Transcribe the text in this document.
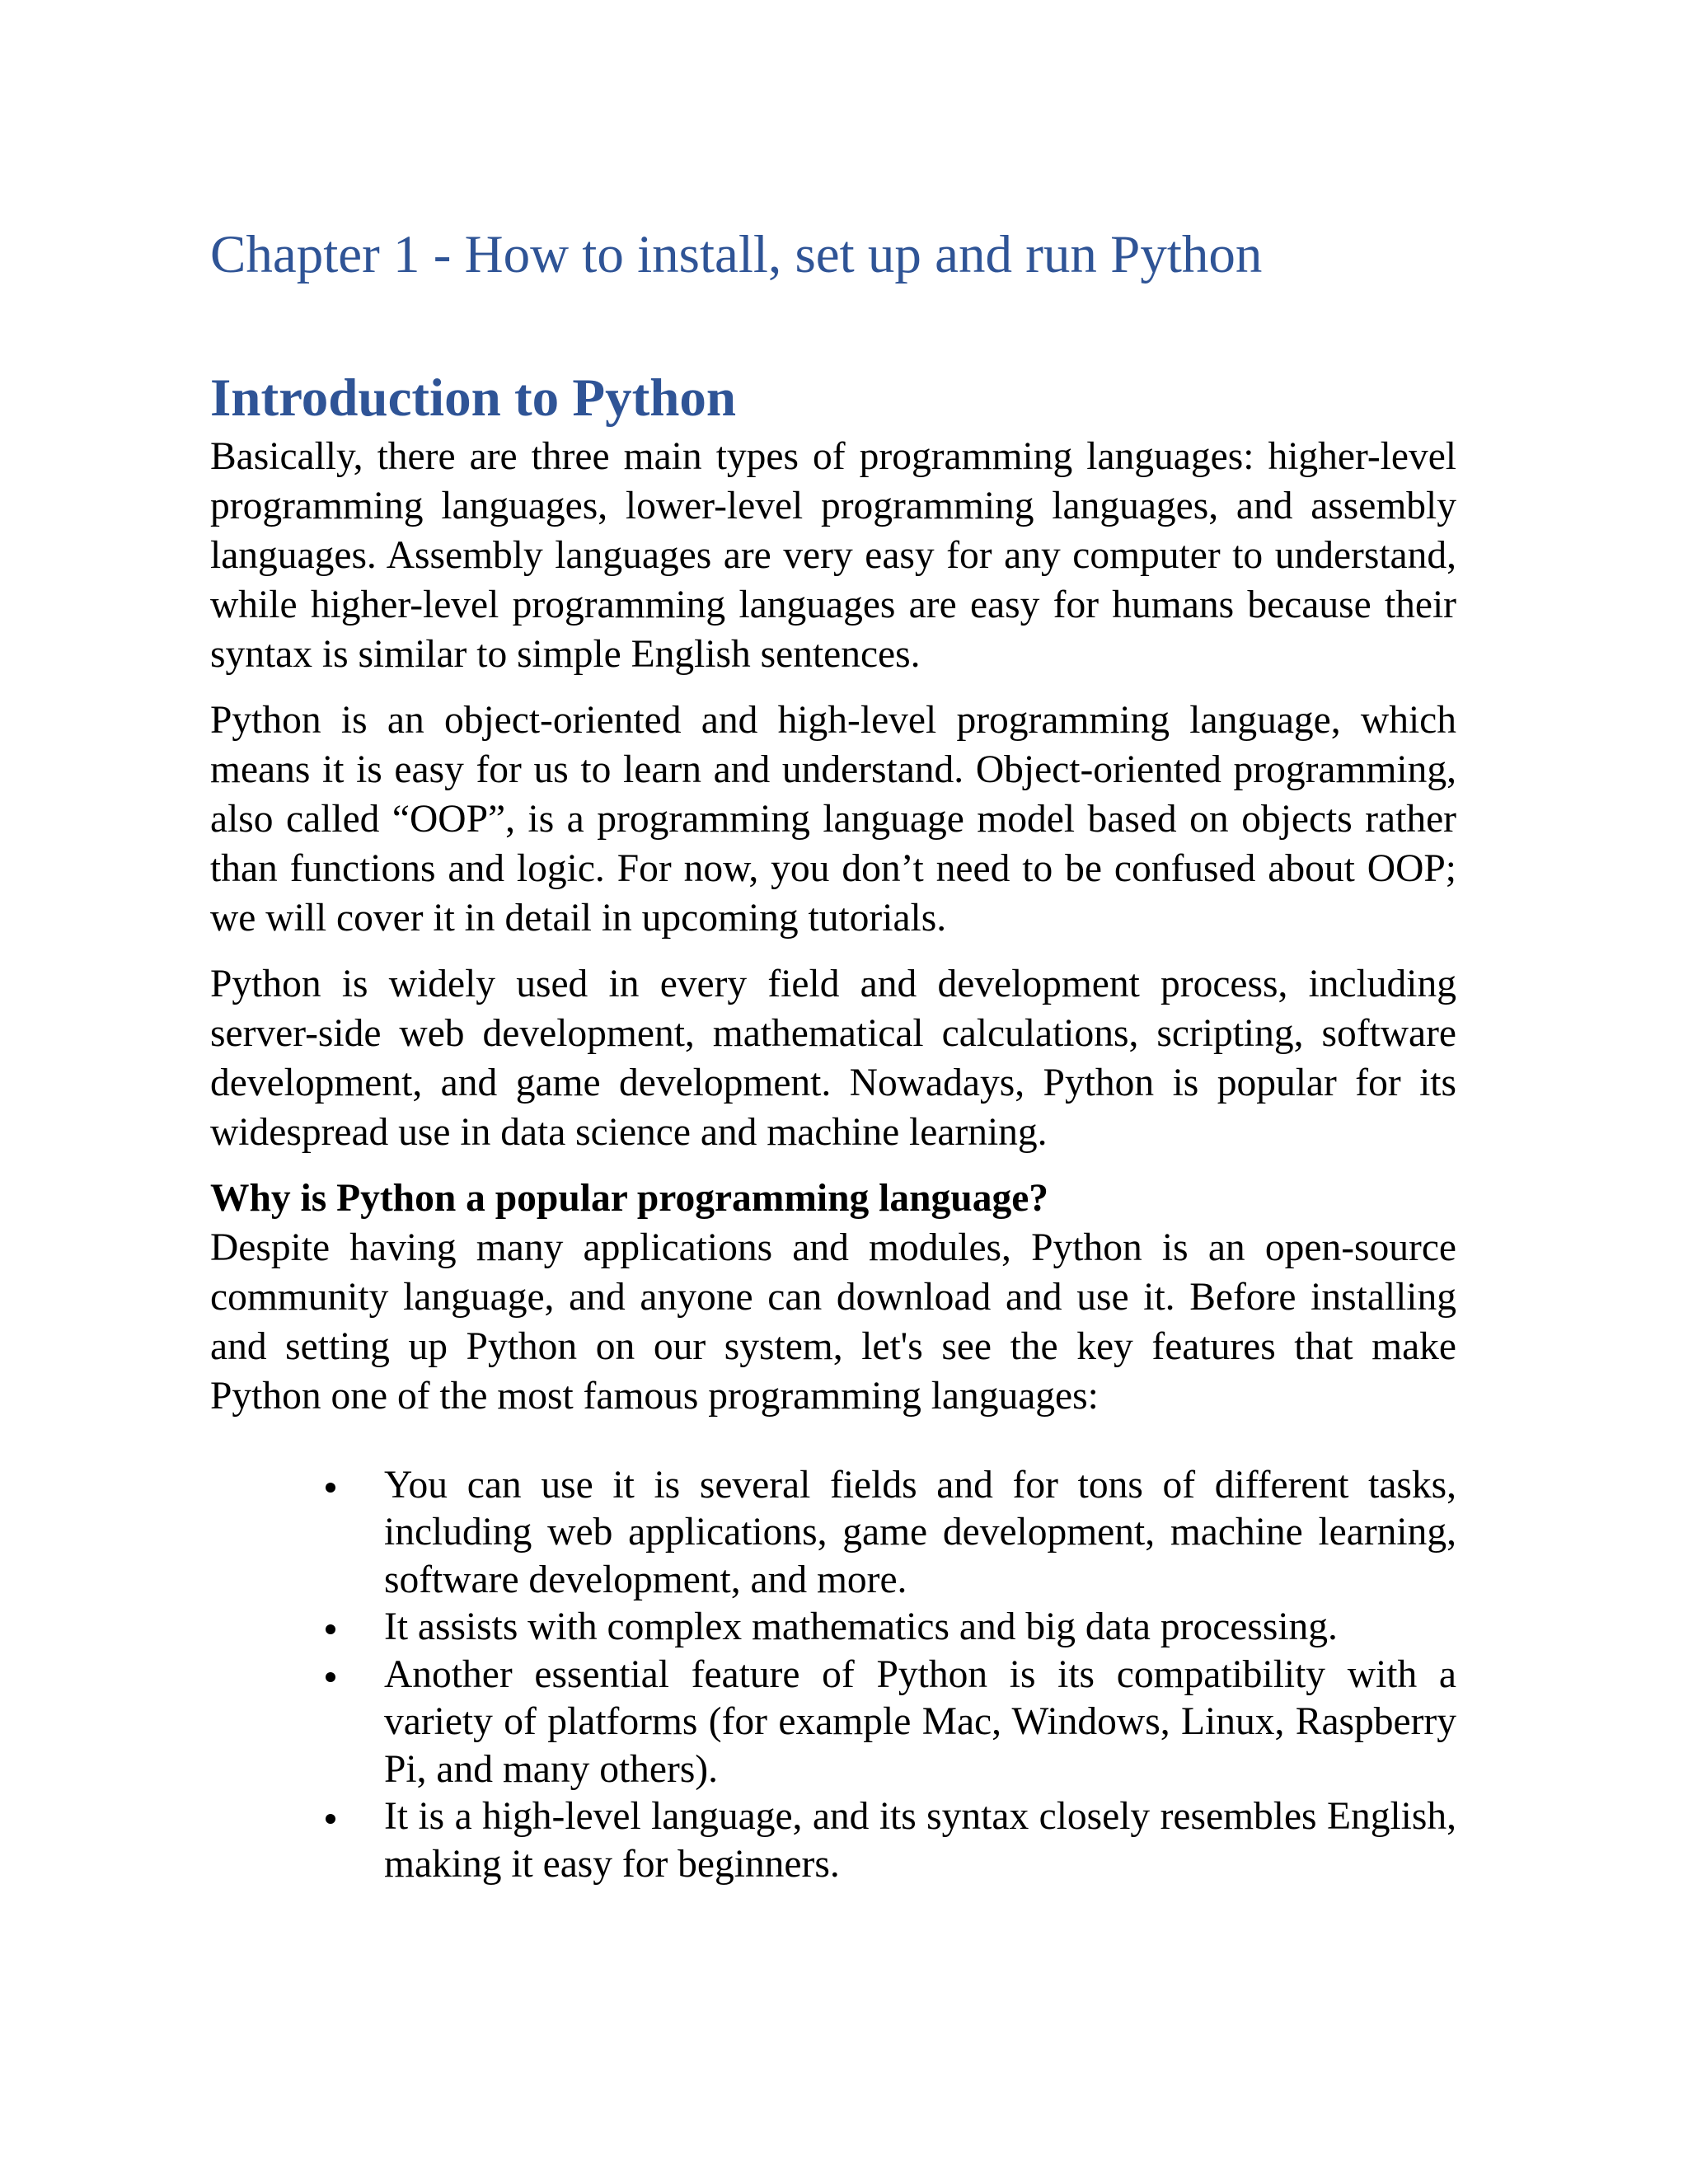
Chapter 1 - How to install, set up and run Python
Introduction to Python

Basically, there are three main types of programming languages: higher-level programming languages, lower-level programming languages, and assembly languages. Assembly languages are very easy for any computer to understand, while higher-level programming languages are easy for humans because their syntax is similar to simple English sentences.

Python is an object-oriented and high-level programming language, which means it is easy for us to learn and understand. Object-oriented programming, also called “OOP”, is a programming language model based on objects rather than functions and logic. For now, you don’t need to be confused about OOP; we will cover it in detail in upcoming tutorials.

Python is widely used in every field and development process, including server-side web development, mathematical calculations, scripting, software development, and game development. Nowadays, Python is popular for its widespread use in data science and machine learning.

Why is Python a popular programming language?

Despite having many applications and modules, Python is an open-source community language, and anyone can download and use it. Before installing and setting up Python on our system, let's see the key features that make Python one of the most famous programming languages:

You can use it is several fields and for tons of different tasks, including web applications, game development, machine learning, software development, and more.
It assists with complex mathematics and big data processing.
Another essential feature of Python is its compatibility with a variety of platforms (for example Mac, Windows, Linux, Raspberry Pi, and many others).
It is a high-level language, and its syntax closely resembles English, making it easy for beginners.
